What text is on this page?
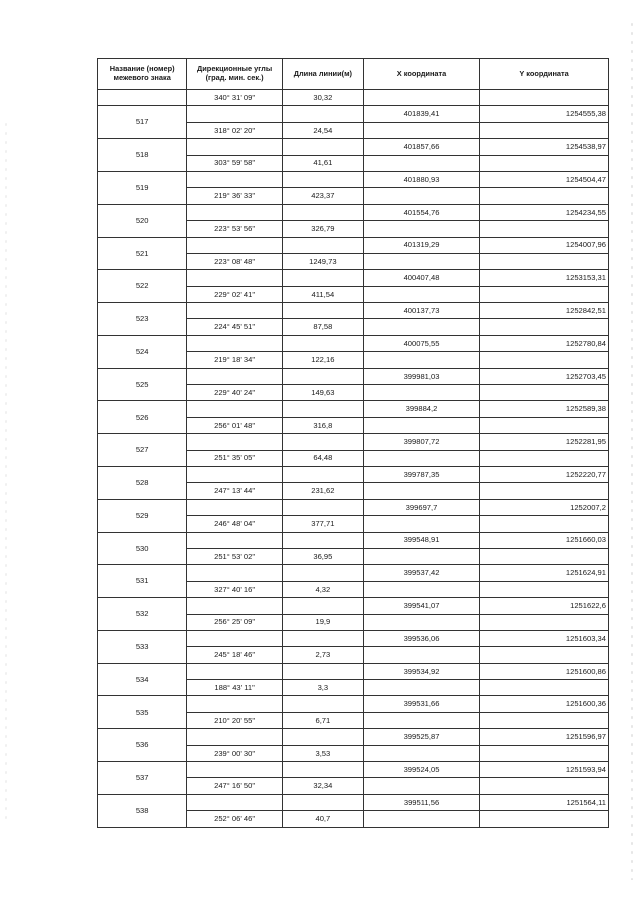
Название (номер) межевого знака	Дирекционные углы (град. мин. сек.)	Длина линии(м)	X координата	Y координата
	340° 31' 09"	30,32		
517			401839,41	1254555,38
	318° 02' 20"	24,54		
518			401857,66	1254538,97
	303° 59' 58"	41,61		
519			401880,93	1254504,47
	219° 36' 33"	423,37		
520			401554,76	1254234,55
	223° 53' 56"	326,79		
521			401319,29	1254007,96
	223° 08' 48"	1249,73		
522			400407,48	1253153,31
	229° 02' 41"	411,54		
523			400137,73	1252842,51
	224° 45' 51"	87,58		
524			400075,55	1252780,84
	219° 18' 34"	122,16		
525			399981,03	1252703,45
	229° 40' 24"	149,63		
526			399884,2	1252589,38
	256° 01' 48"	316,8		
527			399807,72	1252281,95
	251° 35' 05"	64,48		
528			399787,35	1252220,77
	247° 13' 44"	231,62		
529			399697,7	1252007,2
	246° 48' 04"	377,71		
530			399548,91	1251660,03
	251° 53' 02"	36,95		
531			399537,42	1251624,91
	327° 40' 16"	4,32		
532			399541,07	1251622,6
	256° 25' 09"	19,9		
533			399536,06	1251603,34
	245° 18' 46"	2,73		
534			399534,92	1251600,86
	188° 43' 11"	3,3		
535			399531,66	1251600,36
	210° 20' 55"	6,71		
536			399525,87	1251596,97
	239° 00' 30"	3,53		
537			399524,05	1251593,94
	247° 16' 50"	32,34		
538			399511,56	1251564,11
	252° 06' 46"	40,7		
